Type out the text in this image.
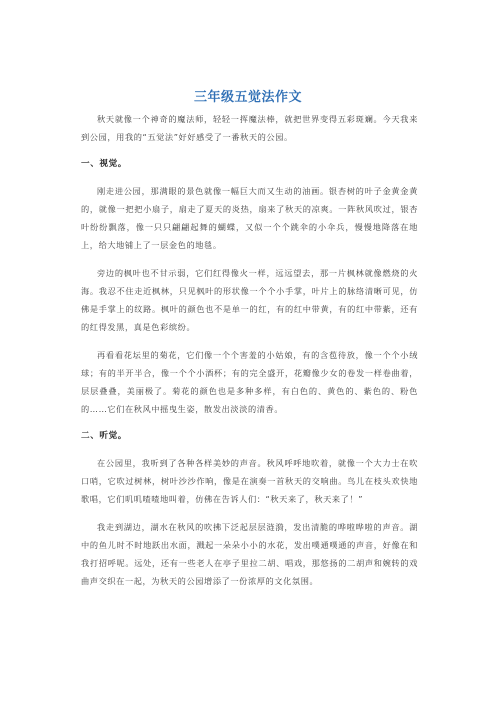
三年级五觉法作文

秋天就像一个神奇的魔法师，轻轻一挥魔法棒，就把世界变得五彩斑斓。今天我来到公园，用我的“五觉法”好好感受了一番秋天的公园。

一、视觉。

刚走进公园，那满眼的景色就像一幅巨大而又生动的油画。银杏树的叶子金黄金黄的，就像一把把小扇子，扇走了夏天的炎热，扇来了秋天的凉爽。一阵秋风吹过，银杏叶纷纷飘落，像一只只翩翩起舞的蝴蝶，又似一个个跳伞的小伞兵，慢慢地降落在地上，给大地铺上了一层金色的地毯。

旁边的枫叶也不甘示弱，它们红得像火一样，远远望去，那一片枫林就像燃烧的火海。我忍不住走近枫林，只见枫叶的形状像一个个小手掌，叶片上的脉络清晰可见，仿佛是手掌上的纹路。枫叶的颜色也不是单一的红，有的红中带黄，有的红中带紫，还有的红得发黑，真是色彩缤纷。

再看看花坛里的菊花，它们像一个个害羞的小姑娘，有的含苞待放，像一个个小绒球；有的半开半合，像一个个小酒杯；有的完全盛开，花瓣像少女的卷发一样卷曲着，层层叠叠，美丽极了。菊花的颜色也是多种多样，有白色的、黄色的、紫色的、粉色的……它们在秋风中摇曳生姿，散发出淡淡的清香。

二、听觉。

在公园里，我听到了各种各样美妙的声音。秋风呼呼地吹着，就像一个大力士在吹口哨，它吹过树林，树叶沙沙作响，像是在演奏一首秋天的交响曲。鸟儿在枝头欢快地歌唱，它们叽叽喳喳地叫着，仿佛在告诉人们：“秋天来了，秋天来了！”

我走到湖边，湖水在秋风的吹拂下泛起层层涟漪，发出清脆的哗啦哗啦的声音。湖中的鱼儿时不时地跃出水面，溅起一朵朵小小的水花，发出噗通噗通的声音，好像在和我打招呼呢。远处，还有一些老人在亭子里拉二胡、唱戏，那悠扬的二胡声和婉转的戏曲声交织在一起，为秋天的公园增添了一份浓厚的文化氛围。
